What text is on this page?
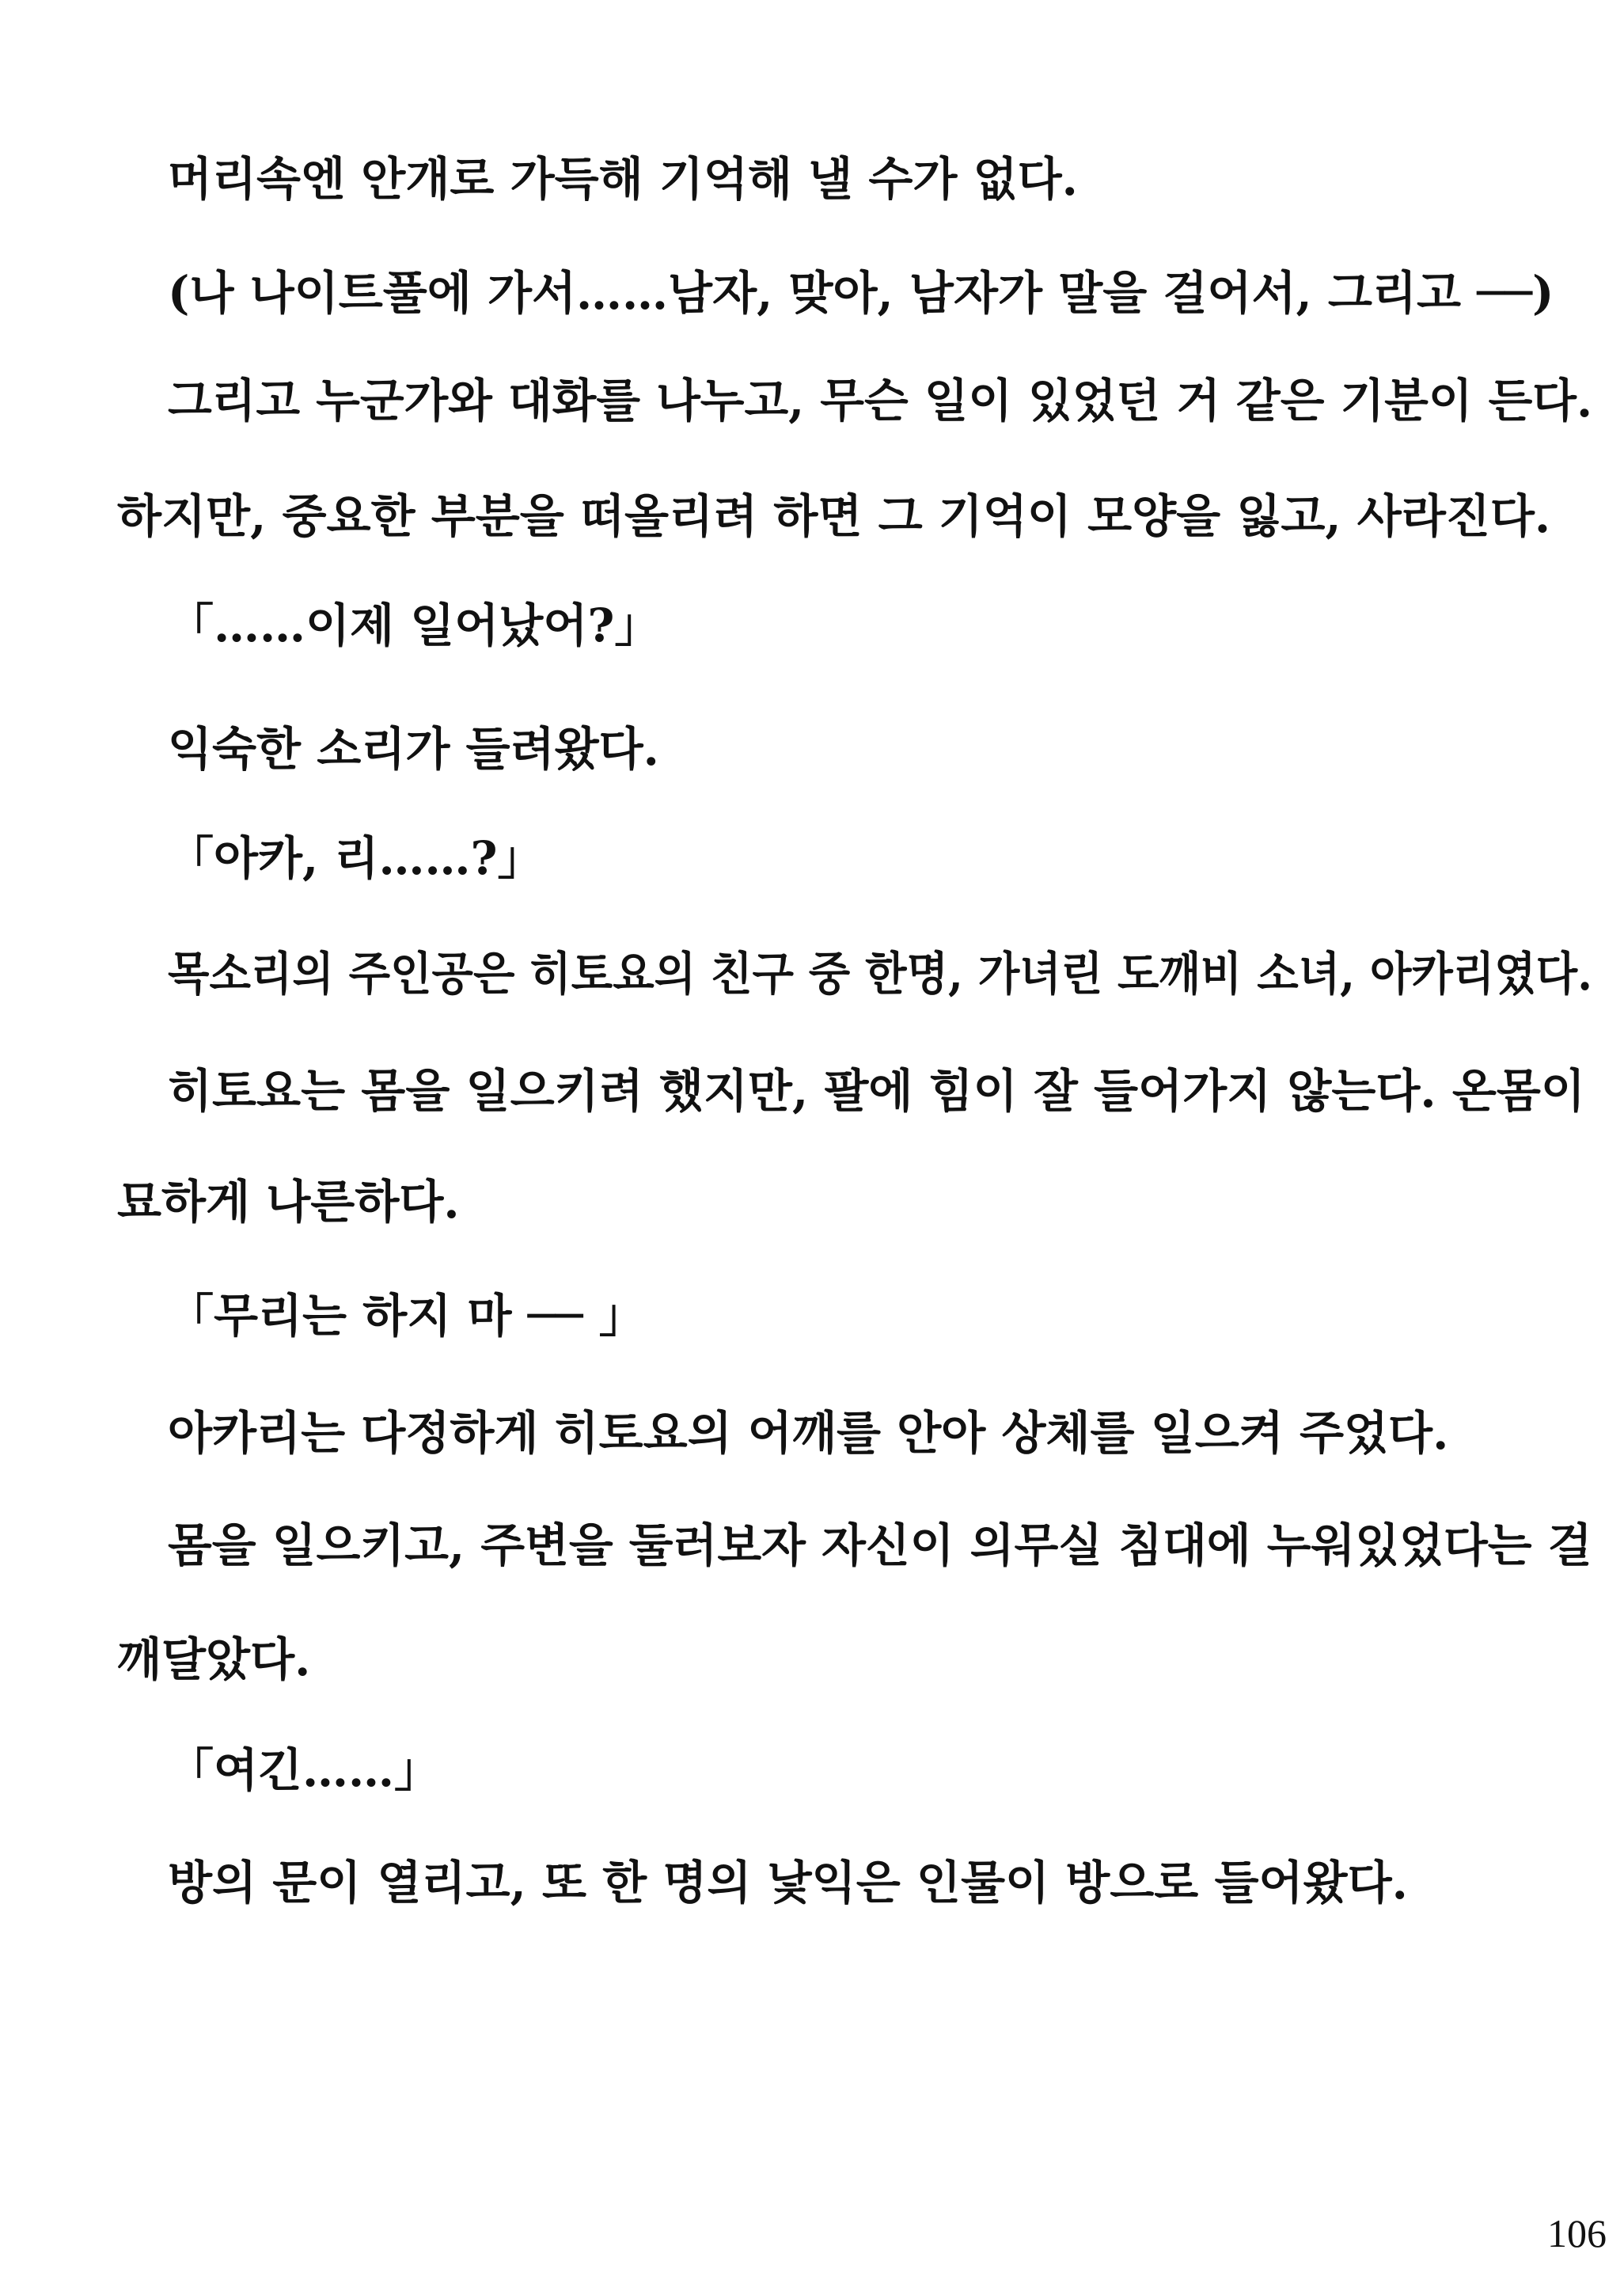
머리속엔 안개로 가득해 기억해 낼 수가 없다.

(나 나이트풀에 가서……남자, 맞아, 남자가 말을 걸어서, 그리고 ──)

그리고 누군가와 대화를 나누고, 무슨 일이 있었던 거 같은 기분이 든다.

하지만, 중요한 부분을 떠올리려 하면 그 기억이 모양을 잃고, 사라진다.

「……이제 일어났어?」

익숙한 소리가 들려왔다.

「아카, 리……?」

목소리의 주인공은 히토요의 친구 중 한명, 가녀린 도깨비 소녀, 아카리였다.

히토요는 몸을 일으키려 했지만, 팔에 힘이 잘 들어가지 않는다. 온몸이

묘하게 나른하다.

「무리는 하지 마 ── 」

아카리는 다정하게 히토요의 어깨를 안아 상체를 일으켜 주었다.

몸을 일으키고, 주변을 둘러보자 자신이 의무실 침대에 누워있었다는 걸

깨달았다.

「여긴……」

방의 문이 열리고, 또 한 명의 낯익은 인물이 방으로 들어왔다.

106
